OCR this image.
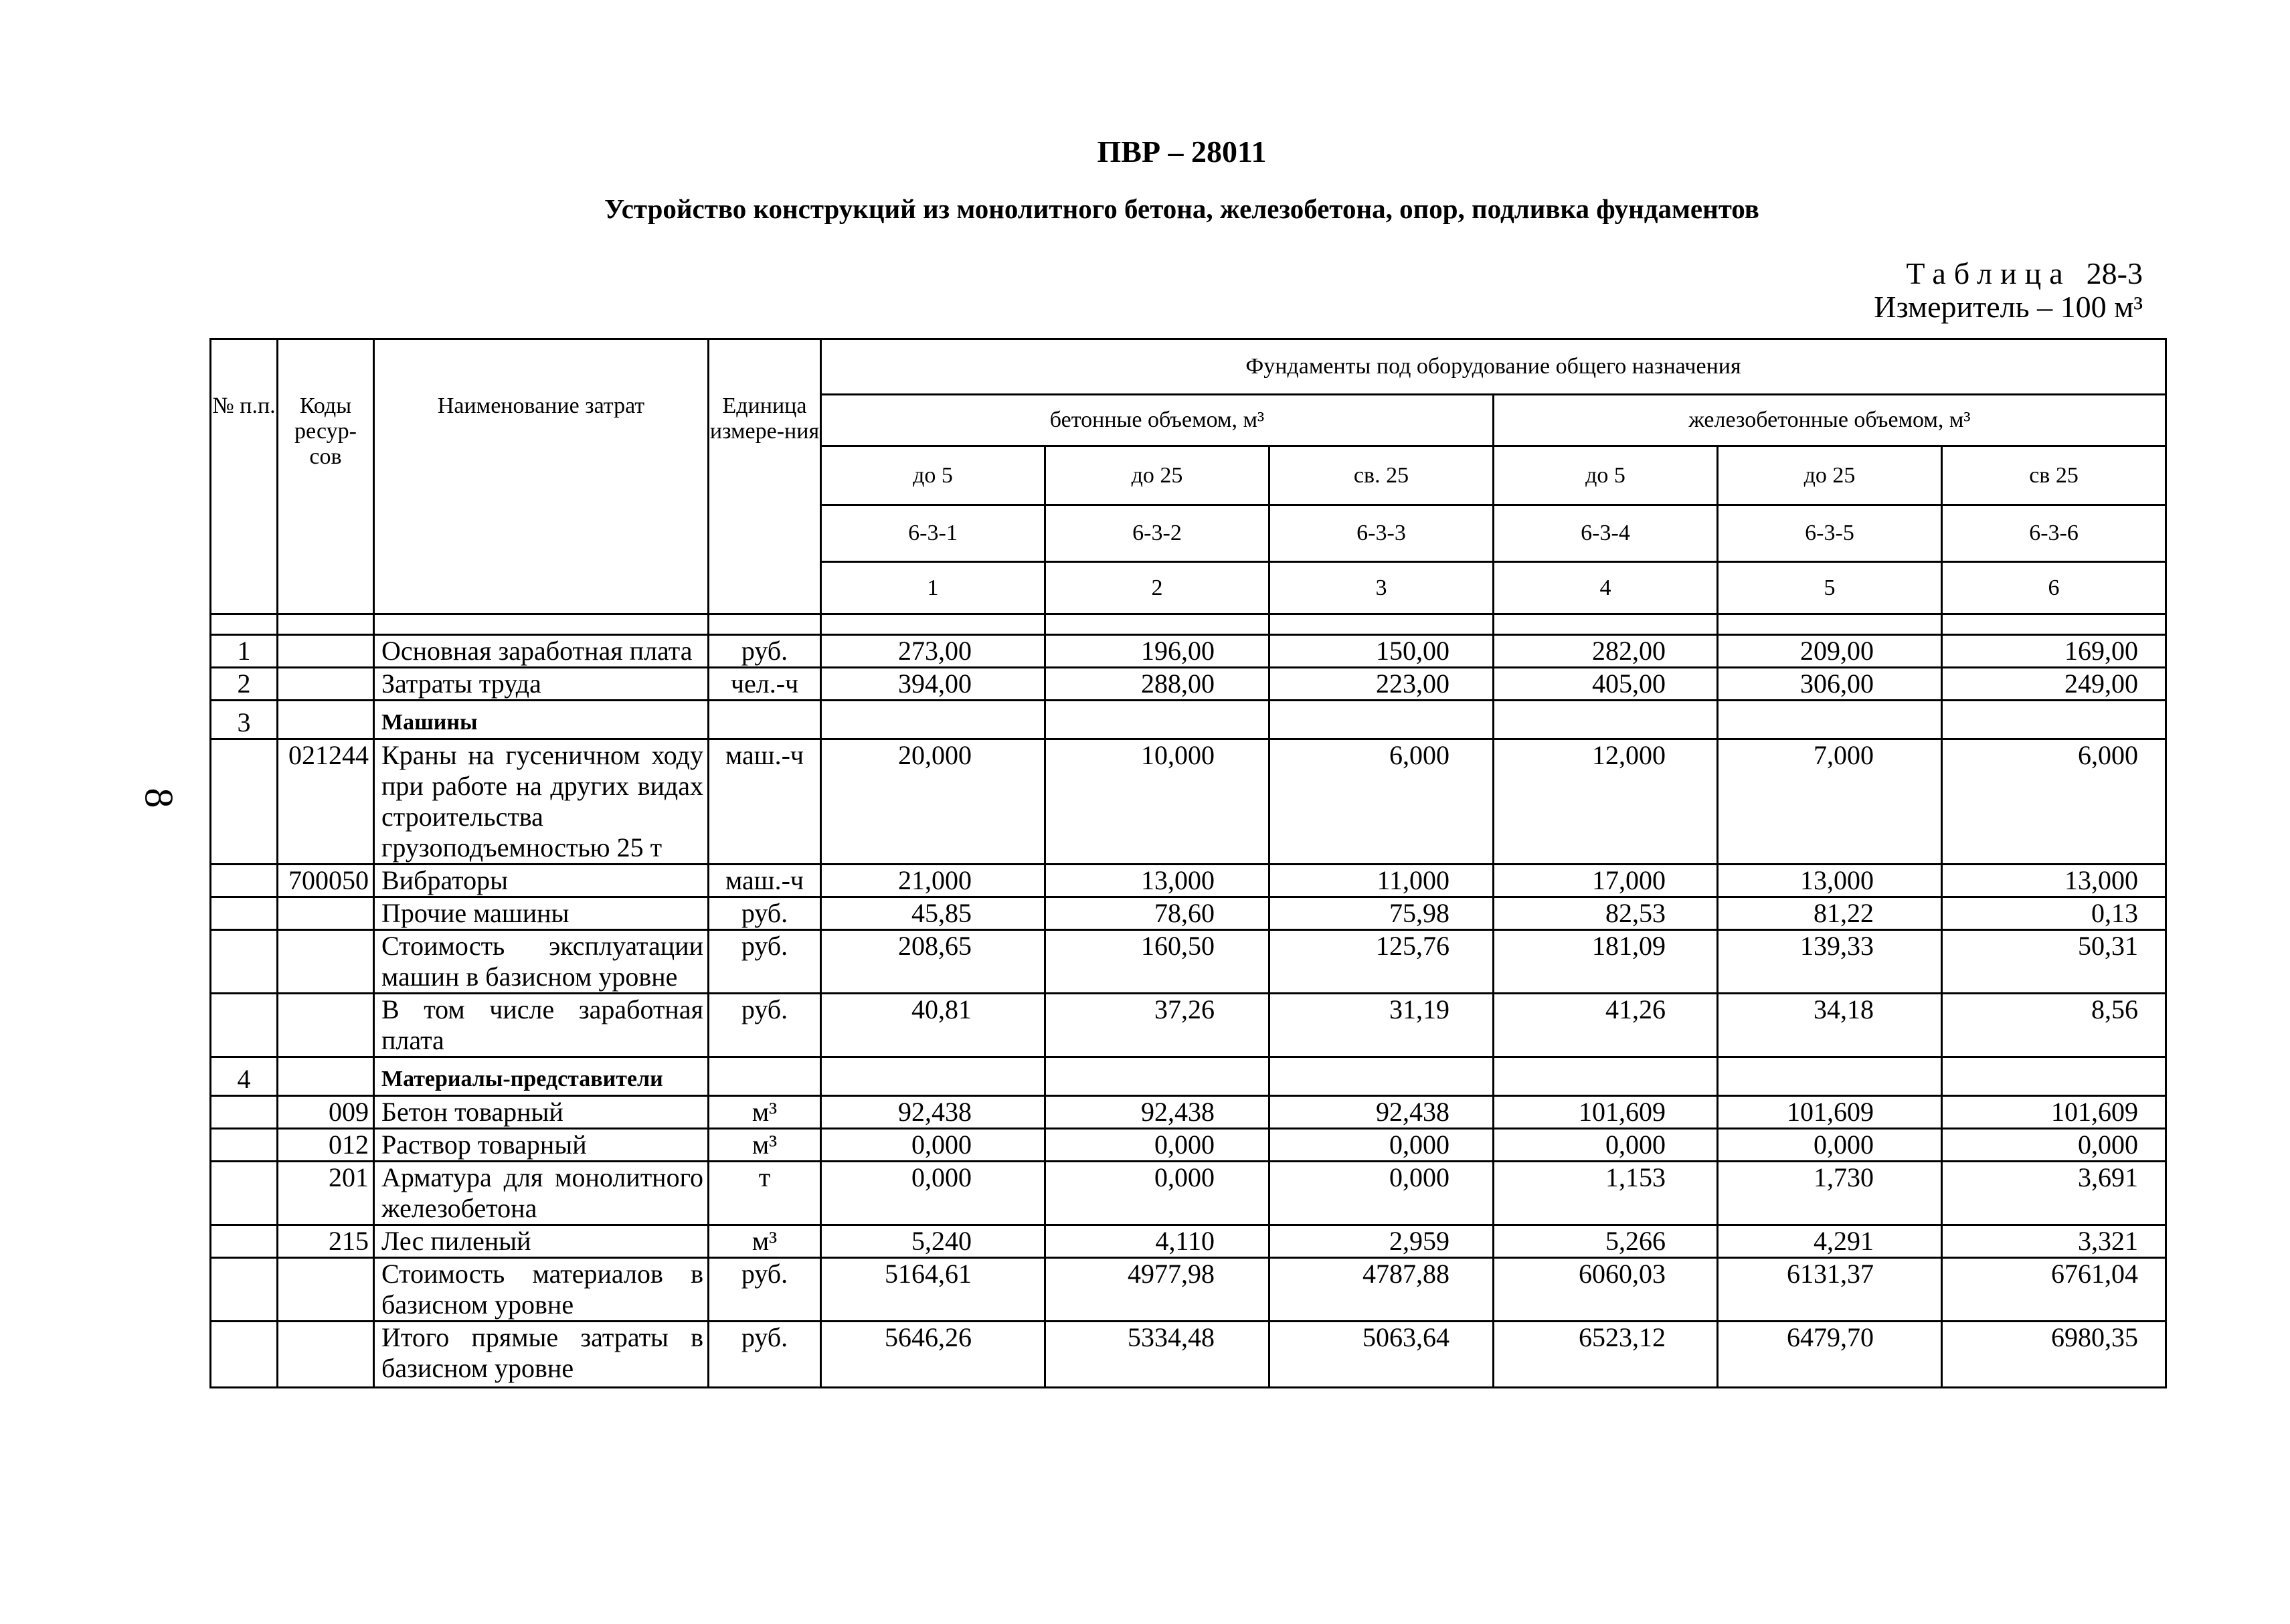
8
ПВР – 28011
Устройство конструкций из монолитного бетона, железобетона, опор, подливка фундаментов
Таблица 28-3
Измеритель – 100 м³
№ п.п.	Коды ресур-сов	Наименование затрат	Единица измере-ния	Фундаменты под оборудование общего назначения					
				бетонные объемом, м³			железобетонные объемом, м³		
				до 5	до 25	св. 25	до 5	до 25	св 25
				6-3-1	6-3-2	6-3-3	6-3-4	6-3-5	6-3-6
				1	2	3	4	5	6

1		Основная заработная плата	руб.	273,00	196,00	150,00	282,00	209,00	169,00
2		Затраты труда	чел.-ч	394,00	288,00	223,00	405,00	306,00	249,00
3		Машины							
	021244	Краны на гусеничном ходу при работе на других видах строительства грузоподъемностью 25 т	маш.-ч	20,000	10,000	6,000	12,000	7,000	6,000
	700050	Вибраторы	маш.-ч	21,000	13,000	11,000	17,000	13,000	13,000
		Прочие машины	руб.	45,85	78,60	75,98	82,53	81,22	0,13
		Стоимость эксплуатации машин в базисном уровне	руб.	208,65	160,50	125,76	181,09	139,33	50,31
		В том числе заработная плата	руб.	40,81	37,26	31,19	41,26	34,18	8,56
4		Материалы-представители							
	009	Бетон товарный	м³	92,438	92,438	92,438	101,609	101,609	101,609
	012	Раствор товарный	м³	0,000	0,000	0,000	0,000	0,000	0,000
	201	Арматура для монолитного железобетона	т	0,000	0,000	0,000	1,153	1,730	3,691
	215	Лес пиленый	м³	5,240	4,110	2,959	5,266	4,291	3,321
		Стоимость материалов в базисном уровне	руб.	5164,61	4977,98	4787,88	6060,03	6131,37	6761,04
		Итого прямые затраты в базисном уровне	руб.	5646,26	5334,48	5063,64	6523,12	6479,70	6980,35
